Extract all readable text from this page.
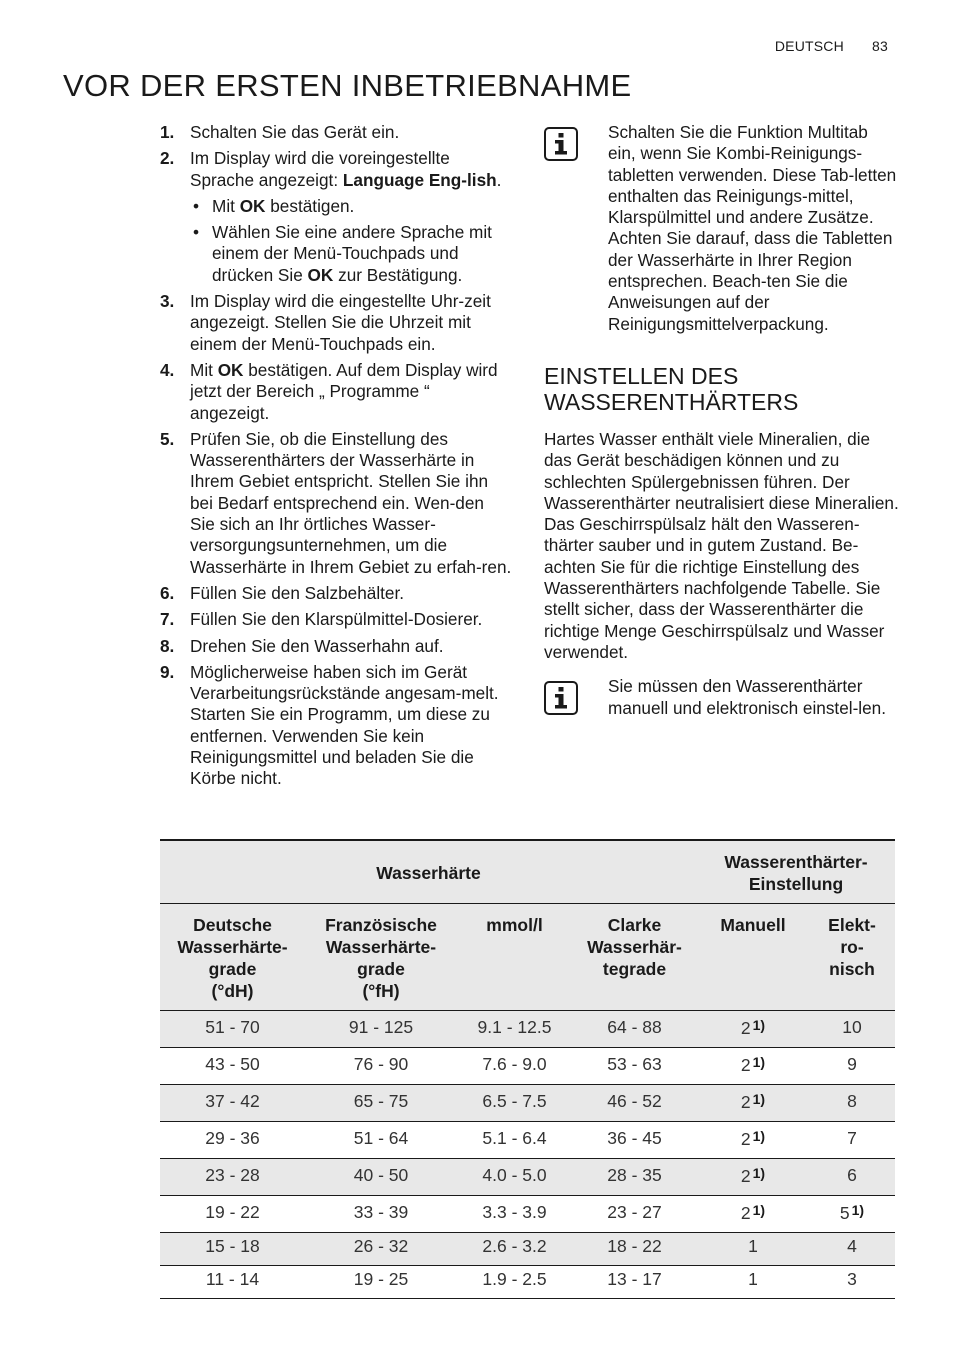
DEUTSCH 83
VOR DER ERSTEN INBETRIEBNAHME
1. Schalten Sie das Gerät ein.
2. Im Display wird die voreingestellte Sprache angezeigt: Language Eng-lish.
• Mit OK bestätigen.
• Wählen Sie eine andere Sprache mit einem der Menü-Touchpads und drücken Sie OK zur Bestätigung.
3. Im Display wird die eingestellte Uhr-zeit angezeigt. Stellen Sie die Uhrzeit mit einem der Menü-Touchpads ein.
4. Mit OK bestätigen. Auf dem Display wird jetzt der Bereich „ Programme “ angezeigt.
5. Prüfen Sie, ob die Einstellung des Wasserenthärters der Wasserhärte in Ihrem Gebiet entspricht. Stellen Sie ihn bei Bedarf entsprechend ein. Wen-den Sie sich an Ihr örtliches Wasser-versorgungsunternehmen, um die Wasserhärte in Ihrem Gebiet zu erfah-ren.
6. Füllen Sie den Salzbehälter.
7. Füllen Sie den Klarspülmittel-Dosierer.
8. Drehen Sie den Wasserhahn auf.
9. Möglicherweise haben sich im Gerät Verarbeitungsrückstände angesam-melt. Starten Sie ein Programm, um diese zu entfernen. Verwenden Sie kein Reinigungsmittel und beladen Sie die Körbe nicht.
Schalten Sie die Funktion Multitab ein, wenn Sie Kombi-Reinigungs-tabletten verwenden. Diese Tab-letten enthalten das Reinigungs-mittel, Klarspülmittel und andere Zusätze. Achten Sie darauf, dass die Tabletten der Wasserhärte in Ihrer Region entsprechen. Beach-ten Sie die Anweisungen auf der Reinigungsmittelverpackung.
EINSTELLEN DES
WASSERENTHÄRTERS

Hartes Wasser enthält viele Mineralien, die das Gerät beschädigen können und zu schlechten Spülergebnissen führen. Der Wasserenthärter neutralisiert diese Mineralien.

Das Geschirrspülsalz hält den Wasseren-thärter sauber und in gutem Zustand. Be-achten Sie für die richtige Einstellung des Wasserenthärters nachfolgende Tabelle. Sie stellt sicher, dass der Wasserenthärter die richtige Menge Geschirrspülsalz und Wasser verwendet.

Sie müssen den Wasserenthärter manuell und elektronisch einstel-len.
Wasserhärte				Wasserenthärter-
Einstellung	
Deutsche
Wasserhärte-
grade
(°dH)	Französische
Wasserhärte-
grade
(°fH)	mmol/l	Clarke
Wasserhär-
tegrade	Manuell	Elekt-
ro-
nisch
51 - 70	91 - 125	9.1 - 12.5	64 - 88	2 $^{1)}$	10
43 - 50	76 - 90	7.6 - 9.0	53 - 63	2 $^{1)}$	9
37 - 42	65 - 75	6.5 - 7.5	46 - 52	2 $^{1)}$	8
29 - 36	51 - 64	5.1 - 6.4	36 - 45	2 $^{1)}$	7
23 - 28	40 - 50	4.0 - 5.0	28 - 35	2 $^{1)}$	6
19 - 22	33 - 39	3.3 - 3.9	23 - 27	2 $^{1)}$	5 $^{1)}$
15 - 18	26 - 32	2.6 - 3.2	18 - 22	1	4
11 - 14	19 - 25	1.9 - 2.5	13 - 17	1	3
